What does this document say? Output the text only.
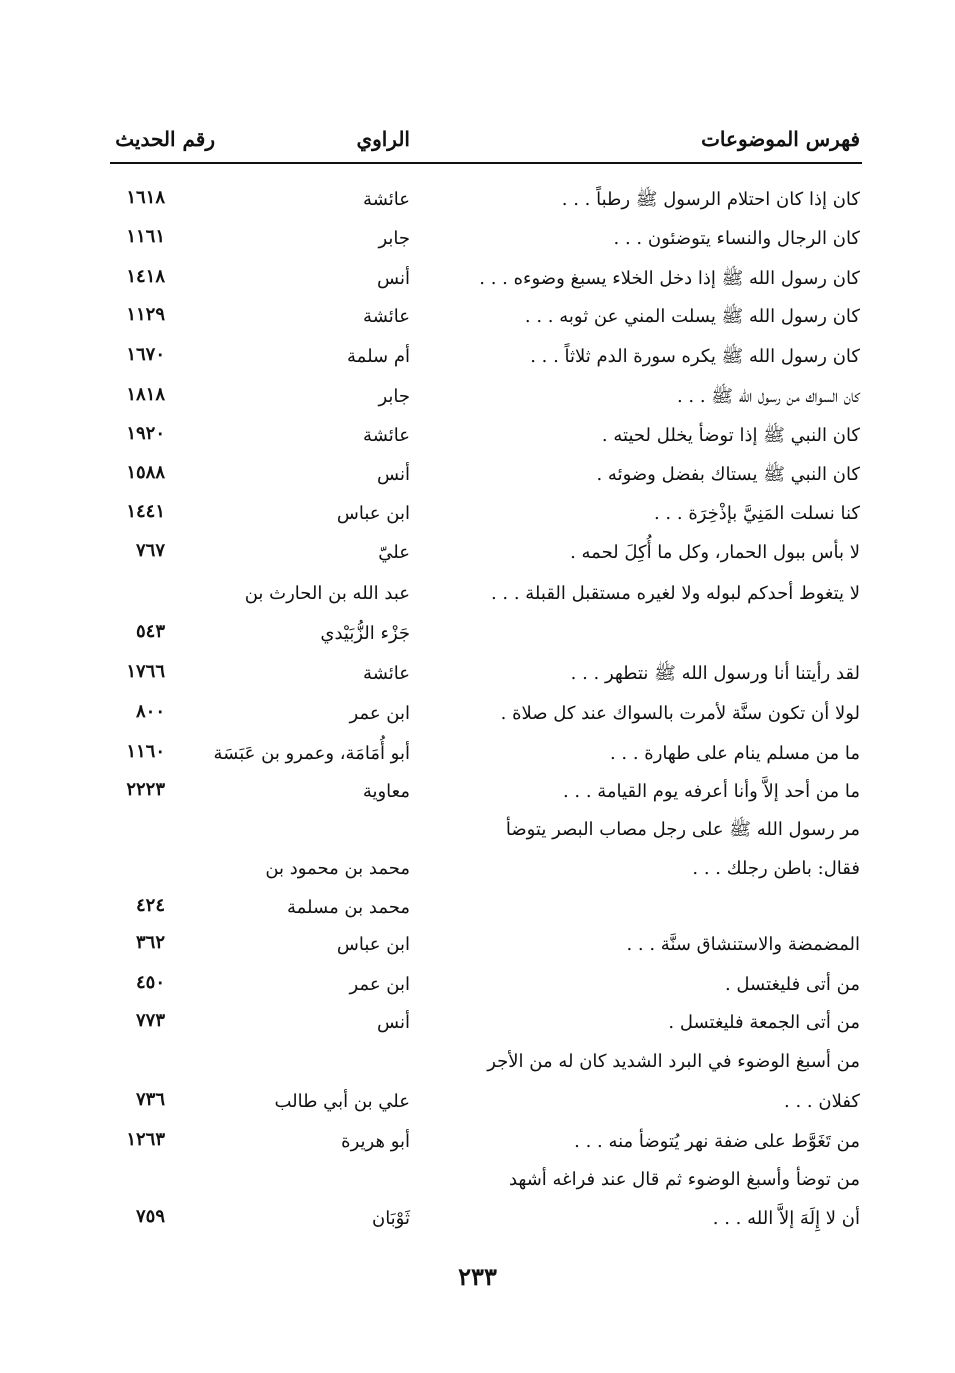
فهرس الموضوعات
الراوي
رقم الحديث
كان إذا كان احتلام الرسول ﷺ رطباً . . .
عائشة
١٦١٨
كان الرجال والنساء يتوضئون . . .
جابر
١١٦١
كان رسول الله ﷺ إذا دخل الخلاء يسبغ وضوءه . . .
أنس
١٤١٨
كان رسول الله ﷺ يسلت المني عن ثوبه . . .
عائشة
١١٢٩
كان رسول الله ﷺ يكره سورة الدم ثلاثاً . . .
أم سلمة
١٦٧٠
كان السواك من رسول الله ﷺ . . .
جابر
١٨١٨
كان النبي ﷺ إذا توضأ يخلل لحيته .
عائشة
١٩٢٠
كان النبي ﷺ يستاك بفضل وضوئه .
أنس
١٥٨٨
كنا نسلت المَنِيَّ بإذْخِرَة . . .
ابن عباس
١٤٤١
لا بأس ببول الحمار، وكل ما أُكِلَ لحمه .
عليّ
٧٦٧
لا يتغوط أحدكم لبوله ولا لغيره مستقبل القبلة . . .
عبد الله بن الحارث بن
جَزْء الزُّبَيْدي
٥٤٣
لقد رأيتنا أنا ورسول الله ﷺ نتطهر . . .
عائشة
١٧٦٦
لولا أن تكون سنَّة لأمرت بالسواك عند كل صلاة .
ابن عمر
٨٠٠
ما من مسلم ينام على طهارة . . .
أبو أُمَامَة، وعمرو بن عَبَسَة
١١٦٠
ما من أحد إلاَّ وأنا أعرفه يوم القيامة . . .
معاوية
٢٢٢٣
مر رسول الله ﷺ على رجل مصاب البصر يتوضأ
فقال: باطن رجلك . . .
محمد بن محمود بن
محمد بن مسلمة
٤٢٤
المضمضة والاستنشاق سنَّة . . .
ابن عباس
٣٦٢
من أتى فليغتسل .
ابن عمر
٤٥٠
من أتى الجمعة فليغتسل .
أنس
٧٧٣
من أسبغ الوضوء في البرد الشديد كان له من الأجر
كفلان . . .
علي بن أبي طالب
٧٣٦
من تَغَوَّط على ضفة نهر يُتوضأ منه . . .
أبو هريرة
١٢٦٣
من توضأ وأسبغ الوضوء ثم قال عند فراغه أشهد
أن لا إِلَهَ إلاَّ الله . . .
ثَوْبَان
٧٥٩
٢٣٣
